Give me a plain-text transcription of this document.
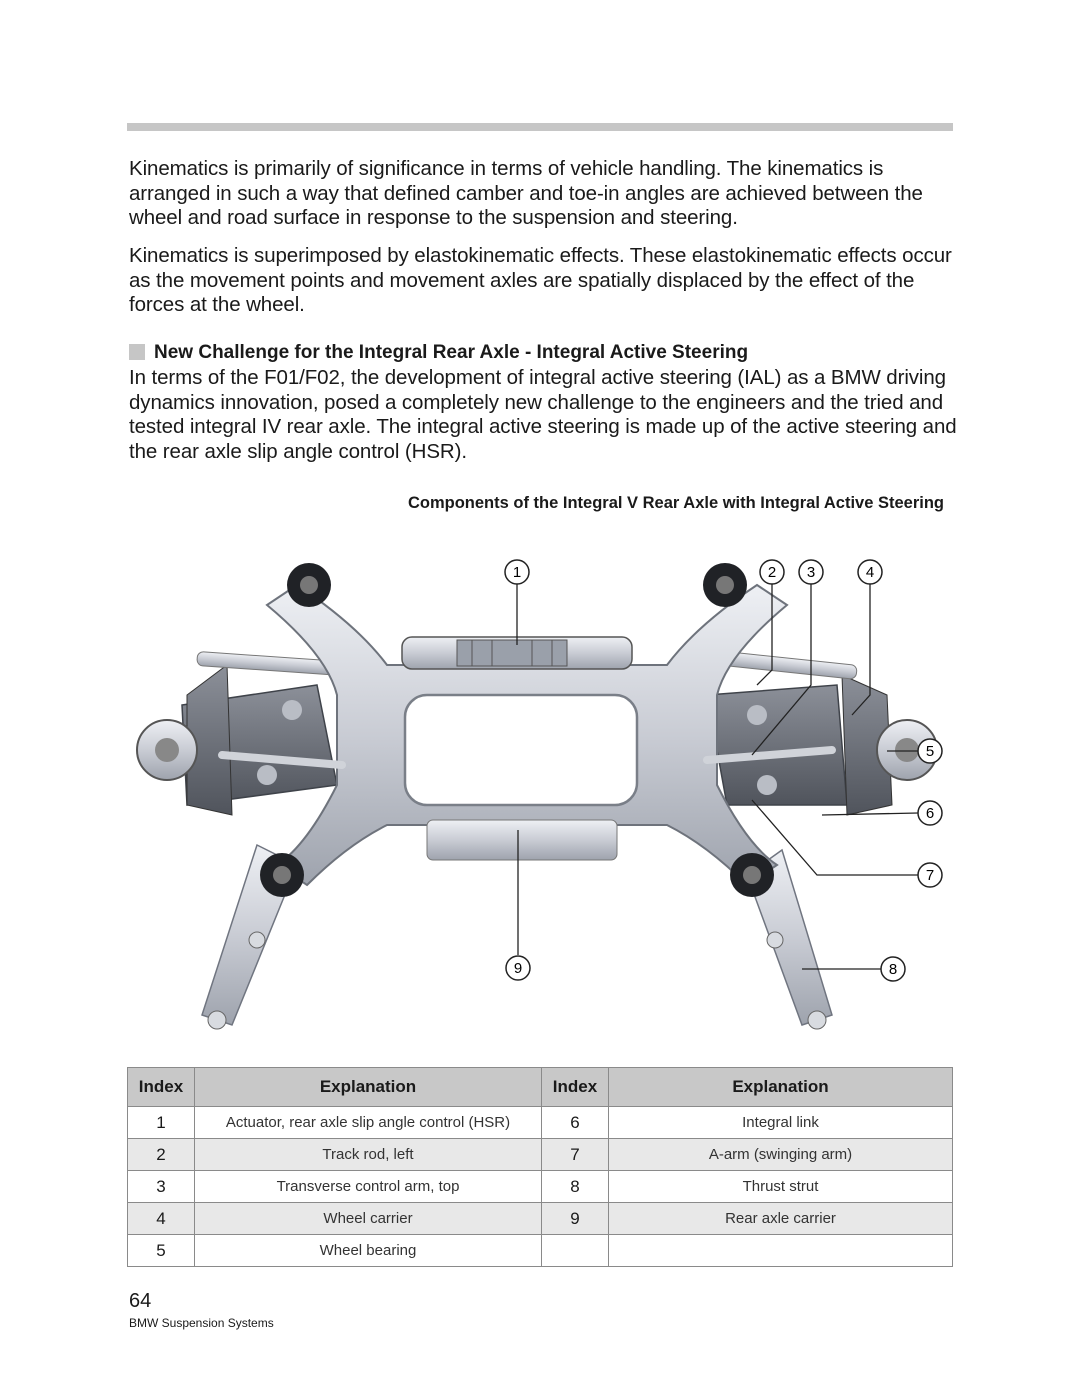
Kinematics is primarily of significance in terms of vehicle handling. The kinematics is arranged in such a way that defined camber and toe-in angles are achieved between the wheel and road surface in response to the suspension and steering.

Kinematics is superimposed by elastokinematic effects. These elastokinematic effects occur as the movement points and movement axles are spatially displaced by the effect of the forces at the wheel.

New Challenge for the Integral Rear Axle - Integral Active Steering

In terms of the F01/F02, the development of integral active steering (IAL) as a BMW driving dynamics innovation, posed a completely new challenge to the engineers and the tried and tested integral IV rear axle. The integral active steering is made up of the active steering and the rear axle slip angle control (HSR).

Components of the Integral V Rear Axle with Integral Active Steering
1	2 3	4
5
6
7
8
9
Index	Explanation	Index	Explanation
1	Actuator, rear axle slip angle control (HSR)	6	Integral link
2	Track rod, left	7	A-arm (swinging arm)
3	Transverse control arm, top	8	Thrust strut
4	Wheel carrier	9	Rear axle carrier
5	Wheel bearing		
64
BMW Suspension Systems
